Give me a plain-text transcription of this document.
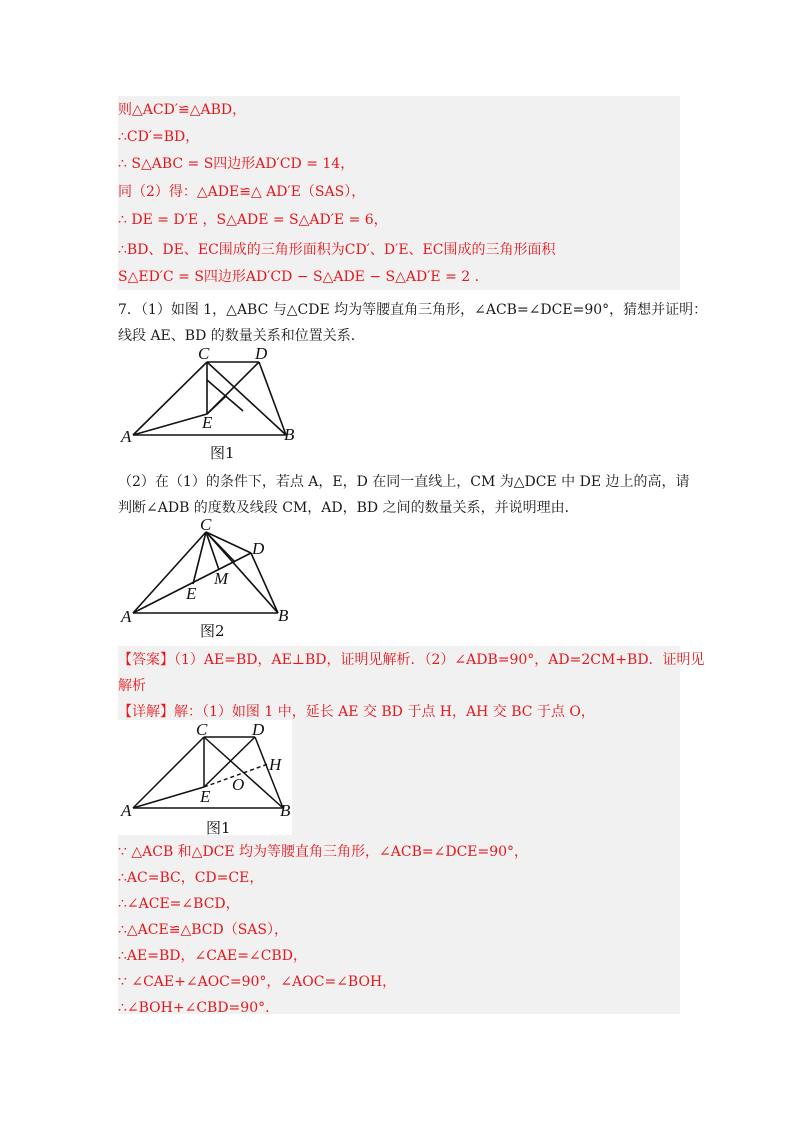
则△ACD′≌△ABD，
∴CD′=BD，
∴ S△ABC = S四边形AD′CD = 14，
同（2）得：△ADE≌△ AD′E（SAS），
∴ DE = D′E ，S△ADE = S△AD′E = 6，
∴BD、DE、EC围成的三角形面积为CD′、D′E、EC围成的三角形面积
S△ED′C = S四边形AD′CD − S△ADE − S△AD′E = 2 ．
7．（1）如图 1，△ABC 与△CDE 均为等腰直角三角形，∠ACB=∠DCE=90°，猜想并证明：
线段 AE、BD 的数量关系和位置关系．
C	D
E
A	B
图1
（2）在（1）的条件下，若点 A，E，D 在同一直线上，CM 为△DCE 中 DE 边上的高，请
判断∠ADB 的度数及线段 CM，AD，BD 之间的数量关系，并说明理由．
C
D
M
E
A	B
图2
【答案】（1）AE=BD，AE⊥BD，证明见解析．（2）∠ADB=90°，AD=2CM+BD．证明见
解析
【详解】解：（1）如图 1 中，延长 AE 交 BD 于点 H，AH 交 BC 于点 O，
C	D
H
O
E
A	B
图1
∵ △ACB 和△DCE 均为等腰直角三角形，∠ACB=∠DCE=90°，
∴AC=BC，CD=CE，
∴∠ACE=∠BCD，
∴△ACE≌△BCD（SAS），
∴AE=BD，∠CAE=∠CBD，
∵ ∠CAE+∠AOC=90°，∠AOC=∠BOH，
∴∠BOH+∠CBD=90°．
